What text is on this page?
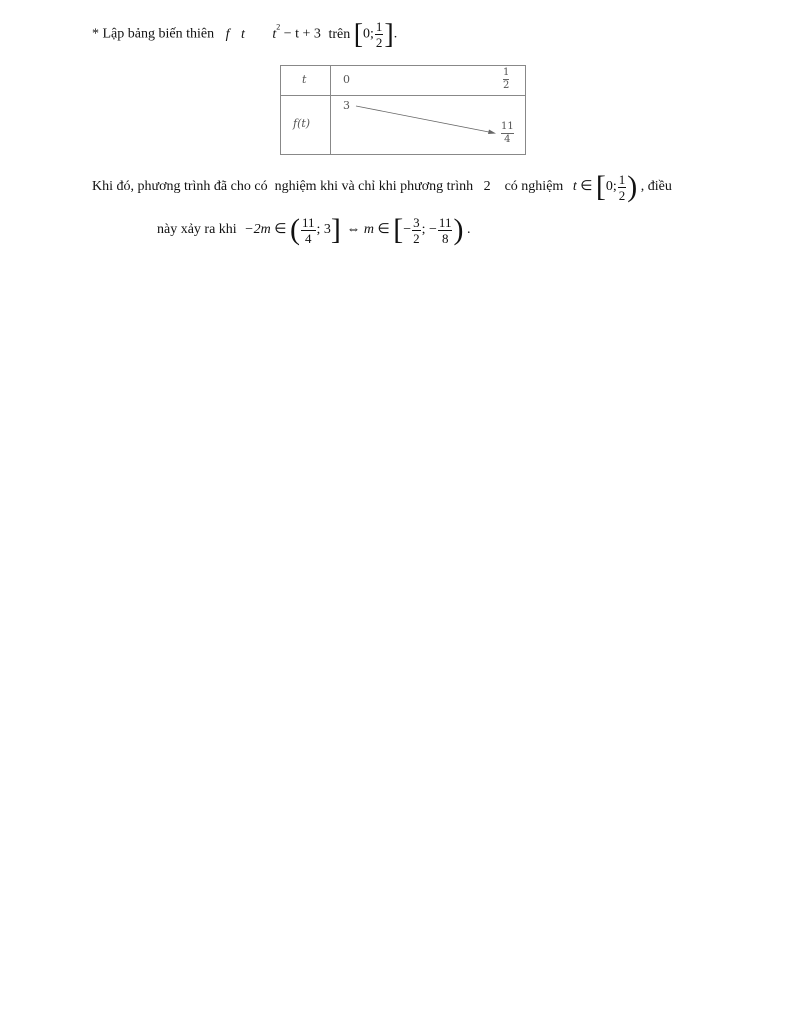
* Lập bảng biến thiên f t $t^2 - t + 3$ trên [0; $\frac{1}{2}$ ].
t
f(t)
0	$\frac{1}{2}$
3
$\frac{11}{4}$
Khi đó, phương trình đã cho có  nghiệm khi và chỉ khi phương trình   2    có nghiệm t ∈ [0; $\frac{1}{2}$ ) , điều
này xảy ra khi −2m ∈ ( $\frac{11}{4}$ ; 3] ⇔ m ∈ [− $\frac{3}{2}$ ; − $\frac{11}{8}$ ) .
